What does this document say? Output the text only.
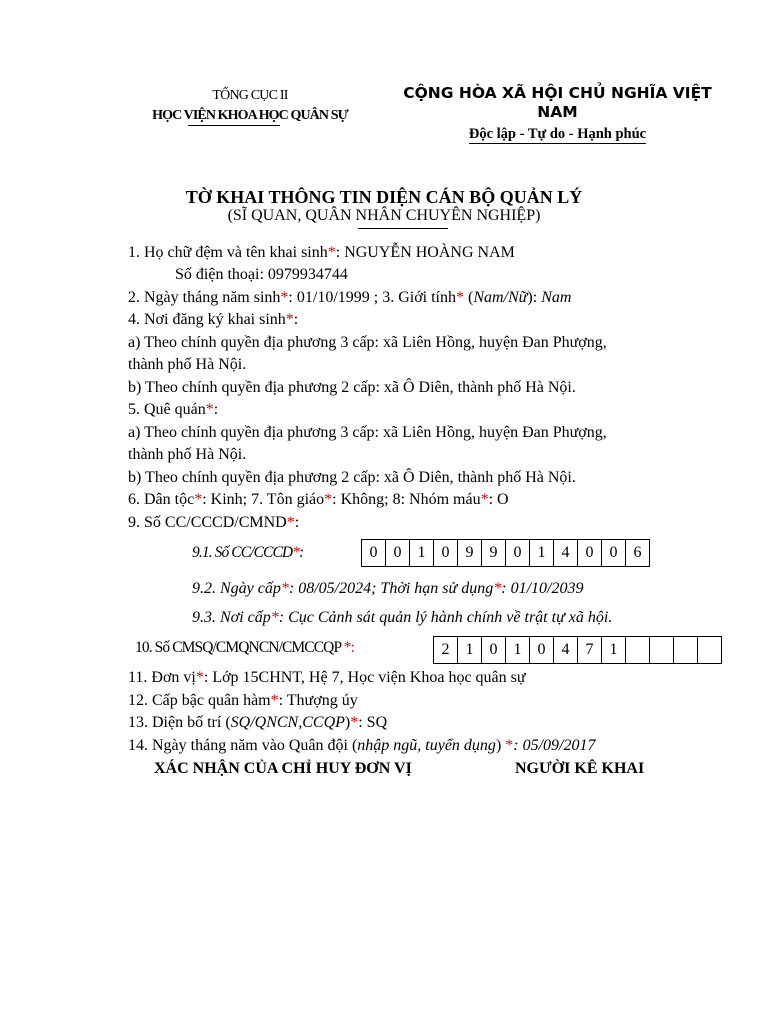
TỔNG CỤC II
HỌC VIỆN KHOA HỌC QUÂN SỰ
CỘNG HÒA XÃ HỘI CHỦ NGHĨA VIỆT NAM
Độc lập - Tự do - Hạnh phúc
TỜ KHAI THÔNG TIN DIỆN CÁN BỘ QUẢN LÝ
(SĨ QUAN, QUÂN NHÂN CHUYÊN NGHIỆP)
1. Họ chữ đệm và tên khai sinh*: NGUYỄN HOÀNG NAM
Số điện thoại: 0979934744
2. Ngày tháng năm sinh*: 01/10/1999 ; 3. Giới tính* (Nam/Nữ): Nam
4. Nơi đăng ký khai sinh*:
a) Theo chính quyền địa phương 3 cấp: xã Liên Hồng, huyện Đan Phượng,
thành phố Hà Nội.
b) Theo chính quyền địa phương 2 cấp: xã Ô Diên, thành phố Hà Nội.
5. Quê quán*:
a) Theo chính quyền địa phương 3 cấp: xã Liên Hồng, huyện Đan Phượng,
thành phố Hà Nội.
b) Theo chính quyền địa phương 2 cấp: xã Ô Diên, thành phố Hà Nội.
6. Dân tộc*: Kinh; 7. Tôn giáo*: Không; 8: Nhóm máu*: O
9. Số CC/CCCD/CMND*:
9.1. Số CC/CCCD*:	0	0	1	0	9	9	0	1	4	0	0	6
9.2. Ngày cấp*: 08/05/2024; Thời hạn sử dụng*: 01/10/2039
9.3. Nơi cấp*: Cục Cảnh sát quản lý hành chính về trật tự xã hội.
10. Số CMSQ/CMQNCN/CMCCQP *:	2	1	0	1	0	4	7	1				
11. Đơn vị*: Lớp 15CHNT, Hệ 7, Học viện Khoa học quân sự
12. Cấp bậc quân hàm*: Thượng úy
13. Diện bố trí (SQ/QNCN,CCQP)*: SQ
14. Ngày tháng năm vào Quân đội (nhập ngũ, tuyển dụng) *: 05/09/2017
XÁC NHẬN CỦA CHỈ HUY ĐƠN VỊ	NGƯỜI KÊ KHAI
